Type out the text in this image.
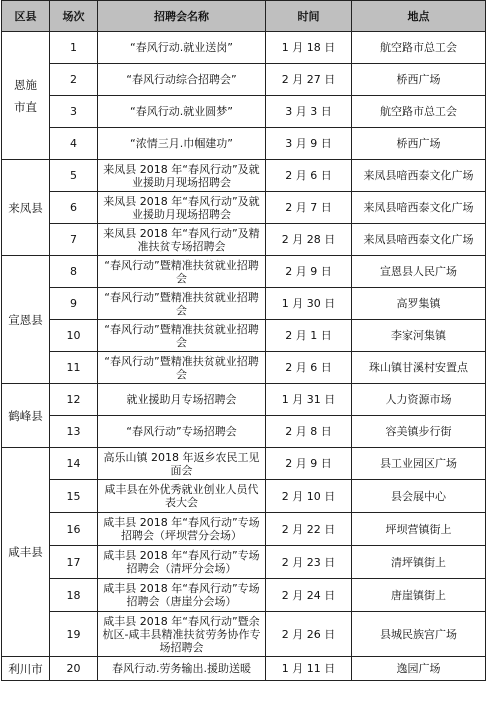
区县	场次	招聘会名称	时间	地点
恩施
市直	1	“春风行动.就业送岗”	1 月 18 日	航空路市总工会
	2	“春风行动综合招聘会”	2 月 27 日	桥西广场
	3	“春风行动.就业圆梦”	3 月 3 日	航空路市总工会
	4	“浓情三月.巾帼建功”	3 月 9 日	桥西广场
来凤县	5	来凤县 2018 年“春风行动”及就业援助月现场招聘会	2 月 6 日	来凤县喑西泰文化广场
	6	来凤县 2018 年“春风行动”及就业援助月现场招聘会	2 月 7 日	来凤县喑西泰文化广场
	7	来凤县 2018 年“春风行动”及精准扶贫专场招聘会	2 月 28 日	来凤县喑西泰文化广场
宣恩县	8	“春风行动”暨精准扶贫就业招聘会	2 月 9 日	宣恩县人民广场
	9	“春风行动”暨精准扶贫就业招聘会	1 月 30 日	高罗集镇
	10	“春风行动”暨精准扶贫就业招聘会	2 月 1 日	李家河集镇
	11	“春风行动”暨精准扶贫就业招聘会	2 月 6 日	珠山镇甘溪村安置点
鹤峰县	12	就业援助月专场招聘会	1 月 31 日	人力资源市场
	13	“春风行动”专场招聘会	2 月 8 日	容美镇步行街
咸丰县	14	高乐山镇 2018 年返乡农民工见面会	2 月 9 日	县工业园区广场
	15	咸丰县在外优秀就业创业人员代表大会	2 月 10 日	县会展中心
	16	咸丰县 2018 年“春风行动”专场招聘会（坪坝营分会场）	2 月 22 日	坪坝营镇街上
	17	咸丰县 2018 年“春风行动”专场招聘会（清坪分会场）	2 月 23 日	清坪镇街上
	18	咸丰县 2018 年“春风行动”专场招聘会（唐崖分会场）	2 月 24 日	唐崖镇街上
	19	咸丰县 2018 年“春风行动”暨余杭区-咸丰县精准扶贫劳务协作专场招聘会	2 月 26 日	县城民族宫广场
利川市	20	春风行动.劳务输出.援助送暖	1 月 11 日	逸园广场
